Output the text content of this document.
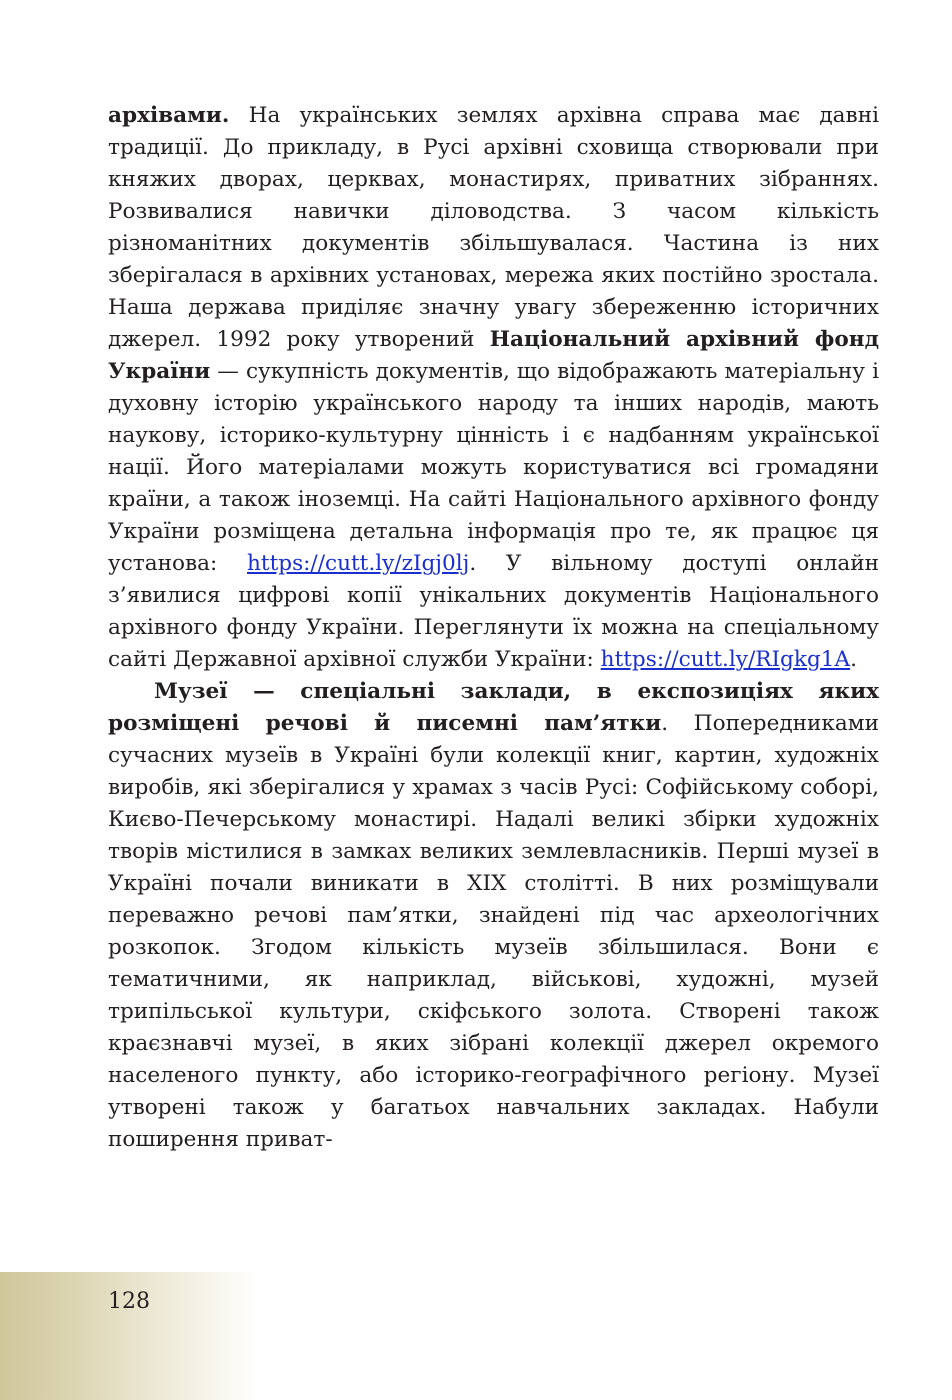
архівами. На українських землях архівна справа має давні традиції. До прикладу, в Русі архівні сховища створювали при княжих дворах, церквах, монастирях, приватних зібраннях. Розвивалися навички діловодства. З часом кількість різноманітних документів збільшувалася. Частина із них зберігалася в архівних установах, мережа яких постійно зростала. Наша держава приділяє значну увагу збереженню історичних джерел. 1992 року утворений Національний архівний фонд України — сукупність документів, що відображають матеріальну і духовну історію українського народу та інших народів, мають наукову, історико-культурну цінність і є надбанням української нації. Його матеріалами можуть користуватися всі громадяни країни, а також іноземці. На сайті Національного архівного фонду України розміщена детальна інформація про те, як працює ця установа: https://cutt.ly/zIgj0lj. У вільному доступі онлайн з’явилися цифрові копії унікальних документів Національного архівного фонду України. Переглянути їх можна на спеціальному сайті Державної архівної служби України: https://cutt.ly/RIgkg1A.

Музеї — спеціальні заклади, в експозиціях яких розміщені речові й писемні пам’ятки. Попередниками сучасних музеїв в Україні були колекції книг, картин, художніх виробів, які зберігалися у храмах з часів Русі: Софійському соборі, Києво-Печерському монастирі. Надалі великі збірки художніх творів містилися в замках великих землевласників. Перші музеї в Україні почали виникати в XIX столітті. В них розміщували переважно речові пам’ятки, знайдені під час археологічних розкопок. Згодом кількість музеїв збільшилася. Вони є тематичними, як наприклад, військові, художні, музей трипільської культури, скіфського золота. Створені також краєзнавчі музеї, в яких зібрані колекції джерел окремого населеного пункту, або історико-географічного регіону. Музеї утворені також у багатьох навчальних закладах. Набули поширення приват-

128
